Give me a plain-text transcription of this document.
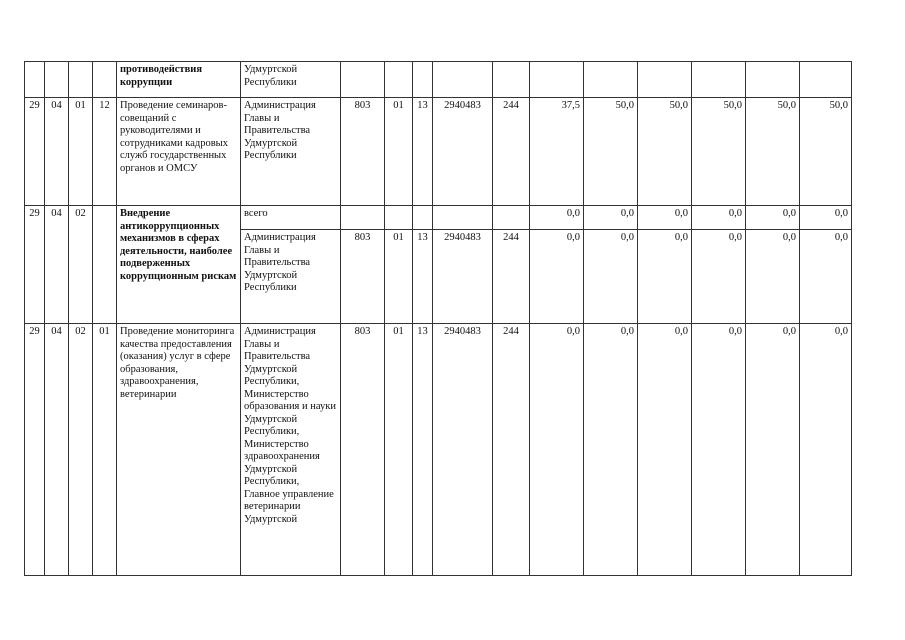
				противодействия коррупции	Удмуртской Республики											
29	04	01	12	Проведение семинаров-совещаний с руководителями и сотрудниками кадровых служб государственных органов и ОМСУ	Администрация Главы и Правительства Удмуртской Республики	803	01	13	2940483	244	37,5	50,0	50,0	50,0	50,0	50,0
29	04	02		Внедрение антикоррупционных механизмов в сферах деятельности, наиболее подверженных коррупционным рискам	всего						0,0	0,0	0,0	0,0	0,0	0,0
					Администрация Главы и Правительства Удмуртской Республики	803	01	13	2940483	244	0,0	0,0	0,0	0,0	0,0	0,0
29	04	02	01	Проведение мониторинга качества предоставления (оказания) услуг в сфере образования, здравоохранения, ветеринарии	Администрация Главы и Правительства Удмуртской Республики, Министерство образования и науки Удмуртской Республики, Министерство здравоохранения Удмуртской Республики, Главное управление ветеринарии Удмуртской	803	01	13	2940483	244	0,0	0,0	0,0	0,0	0,0	0,0
